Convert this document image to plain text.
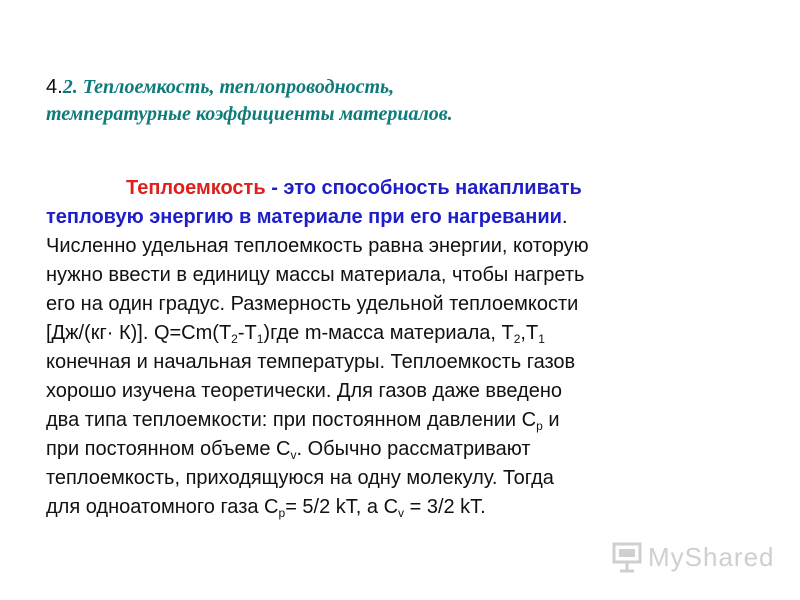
4.2. Теплоемкость, теплопроводность,
температурные коэффициенты материалов.
Теплоемкость - это способность накапливать
тепловую энергию в материале при его нагревании.
Численно удельная теплоемкость равна энергии, которую
нужно ввести в единицу массы материала, чтобы нагреть
его на один градус. Размерность удельной теплоемкости
[Дж/(кг· К)]. $Q=Cm(T_2-T_1)где$ m-масса материала, $T_2,T_1$
конечная и начальная температуры. Теплоемкость газов
хорошо изучена теоретически. Для газов даже введено
два типа теплоемкости: при постоянном давлении $C_p$ и
при постоянном объеме $C_v$. Обычно рассматривают
теплоемкость, приходящуюся на одну молекулу. Тогда
для одноатомного газа $C_p= 5/2$ kT, а $C_v = 3/2$ kT.
MyShared
